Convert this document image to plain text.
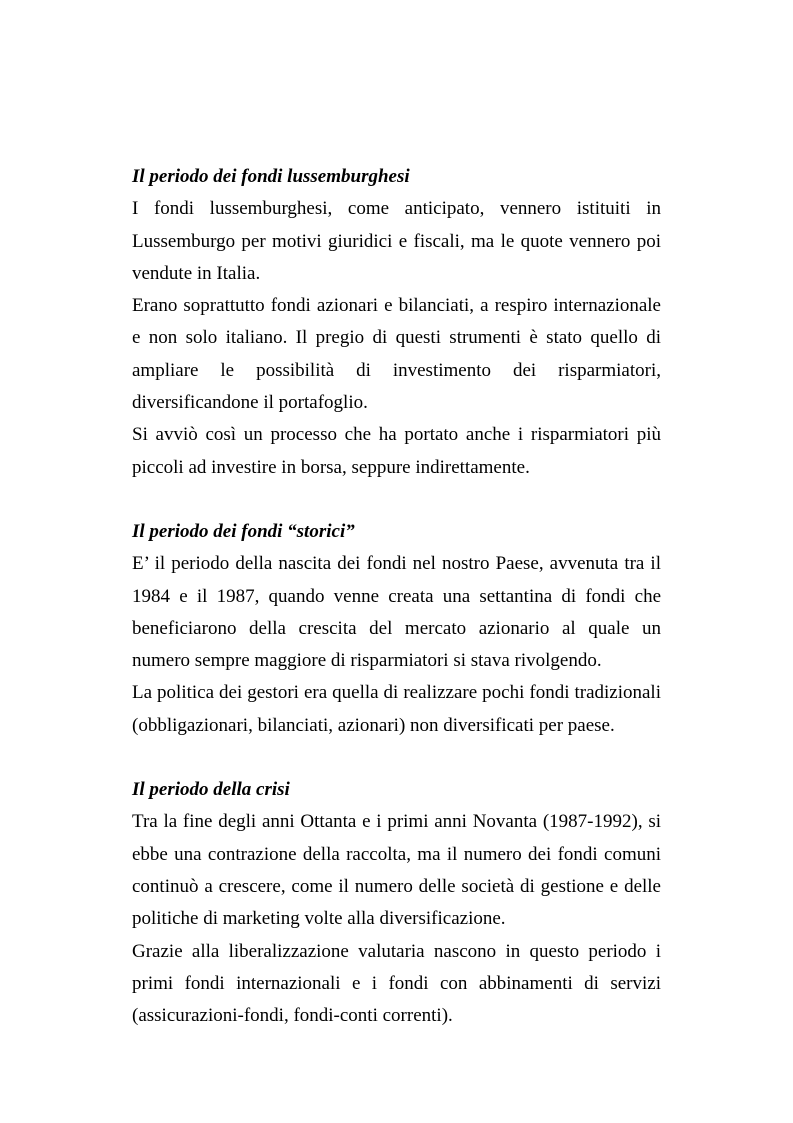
Il periodo dei fondi lussemburghesi

I fondi lussemburghesi, come anticipato, vennero istituiti in Lussemburgo per motivi giuridici e fiscali, ma le quote vennero poi vendute in Italia.

Erano soprattutto fondi azionari e bilanciati, a respiro internazionale e non solo italiano. Il pregio di questi strumenti è stato quello di ampliare le possibilità di investimento dei risparmiatori, diversificandone il portafoglio.

Si avviò così un processo che ha portato anche i risparmiatori più piccoli ad investire in borsa, seppure indirettamente.

Il periodo dei fondi “storici”

E’ il periodo della nascita dei fondi nel nostro Paese, avvenuta tra il 1984 e il 1987, quando venne creata una settantina di fondi che beneficiarono della crescita del mercato azionario al quale un numero sempre maggiore di risparmiatori si stava rivolgendo.

La politica dei gestori era quella di realizzare pochi fondi tradizionali (obbligazionari, bilanciati, azionari) non diversificati per paese.

Il periodo della crisi

Tra la fine degli anni Ottanta e i primi anni Novanta (1987-1992), si ebbe una contrazione della raccolta, ma il numero dei fondi comuni continuò a crescere, come il numero delle società di gestione e delle politiche di marketing volte alla diversificazione.

Grazie alla liberalizzazione valutaria nascono in questo periodo i primi fondi internazionali e i fondi con abbinamenti di servizi (assicurazioni-fondi, fondi-conti correnti).
